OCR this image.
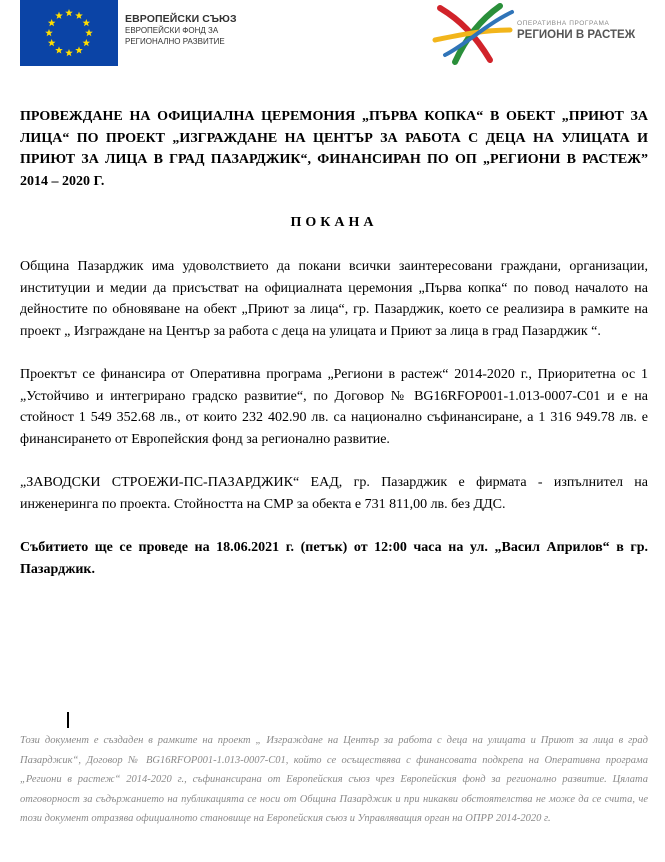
ЕВРОПЕЙСКИ СЪЮЗ
ЕВРОПЕЙСКИ ФОНД ЗА
РЕГИОНАЛНО РАЗВИТИЕ
ОПЕРАТИВНА ПРОГРАМА
РЕГИОНИ В РАСТЕЖ

ПРОВЕЖДАНЕ НА ОФИЦИАЛНА ЦЕРЕМОНИЯ „ПЪРВА КОПКА“ В ОБЕКТ „ПРИЮТ ЗА ЛИЦА“ ПО ПРОЕКТ „ИЗГРАЖДАНЕ НА ЦЕНТЪР ЗА РАБОТА С ДЕЦА НА УЛИЦАТА И ПРИЮТ ЗА ЛИЦА В ГРАД ПАЗАРДЖИК“, ФИНАНСИРАН ПО ОП „РЕГИОНИ В РАСТЕЖ” 2014 – 2020 Г.

ПОКАНА

Община Пазарджик има удоволствието да покани всички заинтересовани граждани, организации, институции и медии да присъстват на официалната церемония „Първа копка“ по повод началото на дейностите по обновяване на обект „Приют за лица“, гр. Пазарджик, което се реализира в рамките на проект „ Изграждане на Център за работа с деца на улицата и Приют за лица в град Пазарджик “.

Проектът се финансира от Оперативна програма „Региони в растеж“ 2014-2020 г., Приоритетна ос 1 „Устойчиво и интегрирано градско развитие“, по Договор № BG16RFOP001-1.013-0007-C01 и е на стойност 1 549 352.68 лв., от които 232 402.90 лв. са национално съфинансиране, а 1 316 949.78 лв. е финансирането от Европейския фонд за регионално развитие.

„ЗАВОДСКИ СТРОЕЖИ-ПС-ПАЗАРДЖИК“ ЕАД, гр. Пазарджик е фирмата - изпълнител на инженеринга по проекта. Стойността на СМР за обекта е 731 811,00 лв. без ДДС.

Събитието ще се проведе на 18.06.2021 г. (петък) от 12:00 часа на ул. „Васил Априлов“ в гр. Пазарджик.

Този документ е създаден в рамките на проект „ Изграждане на Център за работа с деца на улицата и Приют за лица в град Пазарджик“, Договор № BG16RFOP001-1.013-0007-C01, който се осъществява с финансовата подкрепа на Оперативна програма „Региони в растеж“ 2014-2020 г., съфинансирана от Европейския съюз чрез Европейския фонд за регионално развитие. Цялата отговорност за съдържанието на публикацията се носи от Община Пазарджик и при никакви обстоятелства не може да се счита, че този документ отразява официалното становище на Европейския съюз и Управляващия орган на ОПРР 2014-2020 г.
